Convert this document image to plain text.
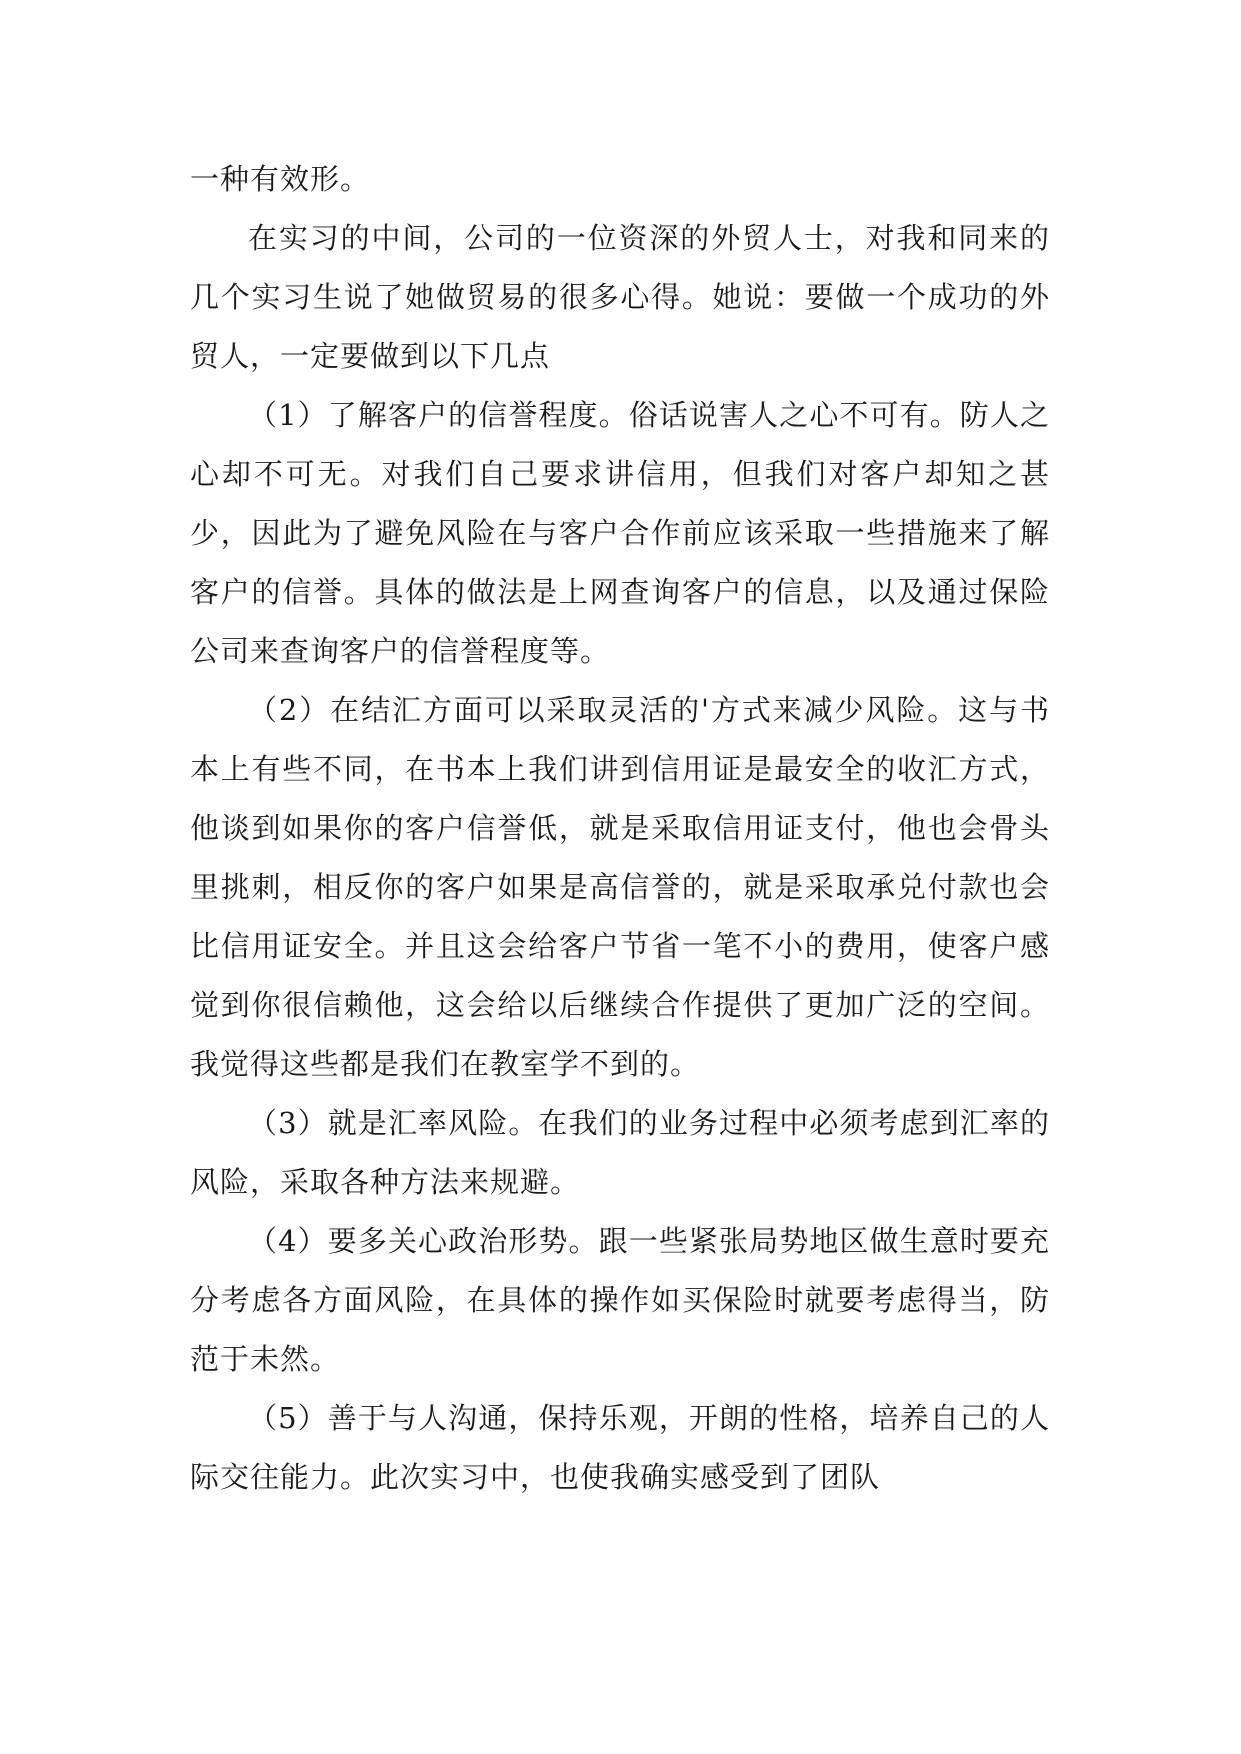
一种有效形。

在实习的中间，公司的一位资深的外贸人士，对我和同来的几个实习生说了她做贸易的很多心得。她说：要做一个成功的外贸人，一定要做到以下几点

（1）了解客户的信誉程度。俗话说害人之心不可有。防人之心却不可无。对我们自己要求讲信用，但我们对客户却知之甚少，因此为了避免风险在与客户合作前应该采取一些措施来了解客户的信誉。具体的做法是上网查询客户的信息，以及通过保险公司来查询客户的信誉程度等。

（2）在结汇方面可以采取灵活的'方式来减少风险。这与书本上有些不同，在书本上我们讲到信用证是最安全的收汇方式，他谈到如果你的客户信誉低，就是采取信用证支付，他也会骨头里挑刺，相反你的客户如果是高信誉的，就是采取承兑付款也会比信用证安全。并且这会给客户节省一笔不小的费用，使客户感觉到你很信赖他，这会给以后继续合作提供了更加广泛的空间。我觉得这些都是我们在教室学不到的。

（3）就是汇率风险。在我们的业务过程中必须考虑到汇率的风险，采取各种方法来规避。

（4）要多关心政治形势。跟一些紧张局势地区做生意时要充分考虑各方面风险，在具体的操作如买保险时就要考虑得当，防范于未然。

（5）善于与人沟通，保持乐观，开朗的性格，培养自己的人际交往能力。此次实习中，也使我确实感受到了团队
